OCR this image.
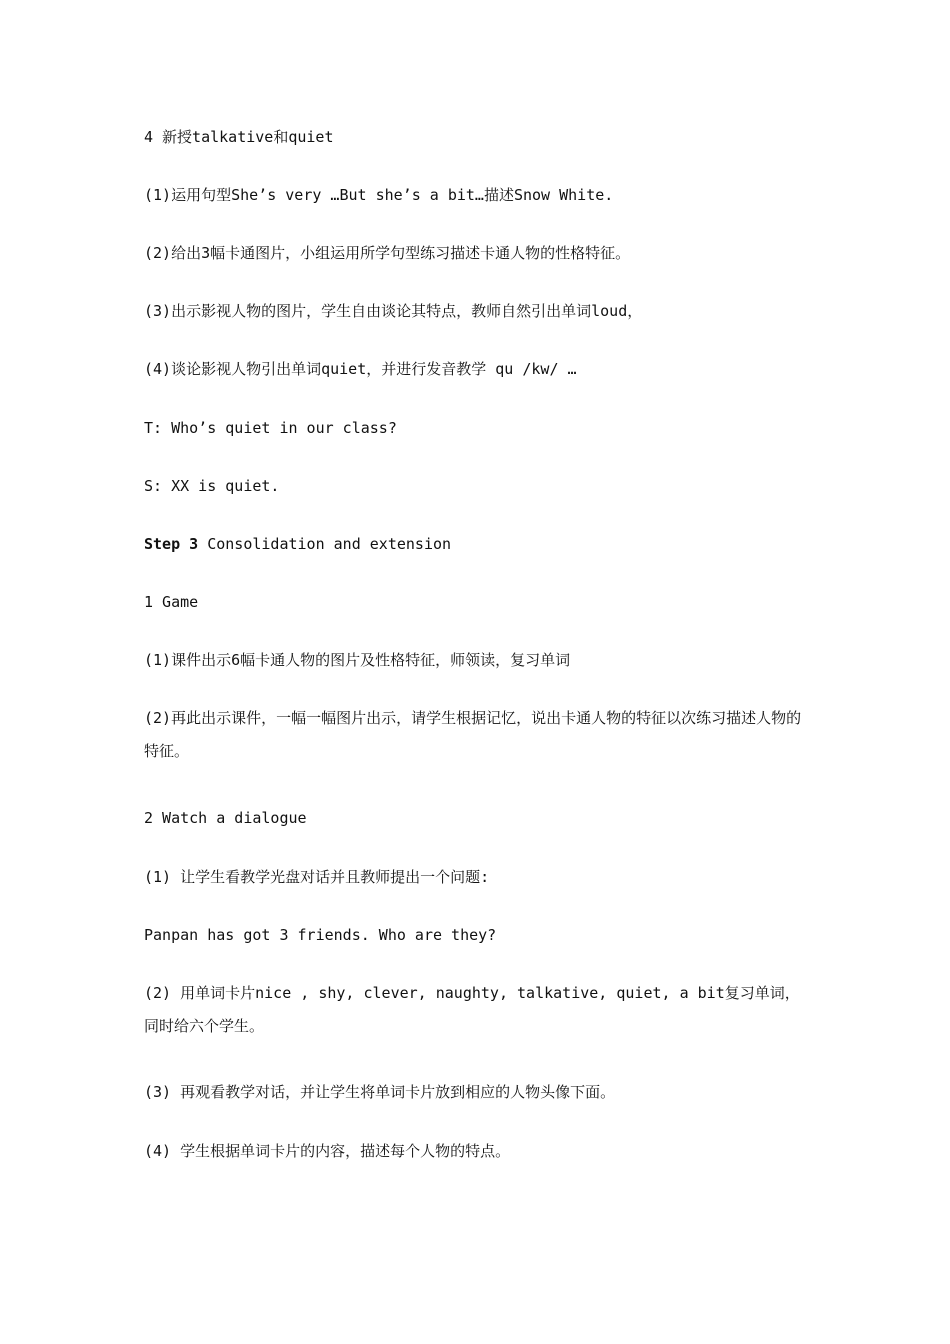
4 新授talkative和quiet
(1)运用句型She’s very …But she’s a bit…描述Snow White.
(2)给出3幅卡通图片，小组运用所学句型练习描述卡通人物的性格特征。
(3)出示影视人物的图片，学生自由谈论其特点，教师自然引出单词loud，
(4)谈论影视人物引出单词quiet，并进行发音教学 qu /kw/ …
T: Who’s quiet in our class?
S: XX is quiet.
Step 3 Consolidation and extension
1 Game
(1)课件出示6幅卡通人物的图片及性格特征，师领读，复习单词
(2)再此出示课件，一幅一幅图片出示，请学生根据记忆，说出卡通人物的特征以次练习描述人物的特征。
2 Watch a dialogue
(1) 让学生看教学光盘对话并且教师提出一个问题:
Panpan has got 3 friends. Who are they?
(2) 用单词卡片nice , shy, clever, naughty, talkative, quiet, a bit复习单词，同时给六个学生。
(3) 再观看教学对话，并让学生将单词卡片放到相应的人物头像下面。
(4) 学生根据单词卡片的内容，描述每个人物的特点。
